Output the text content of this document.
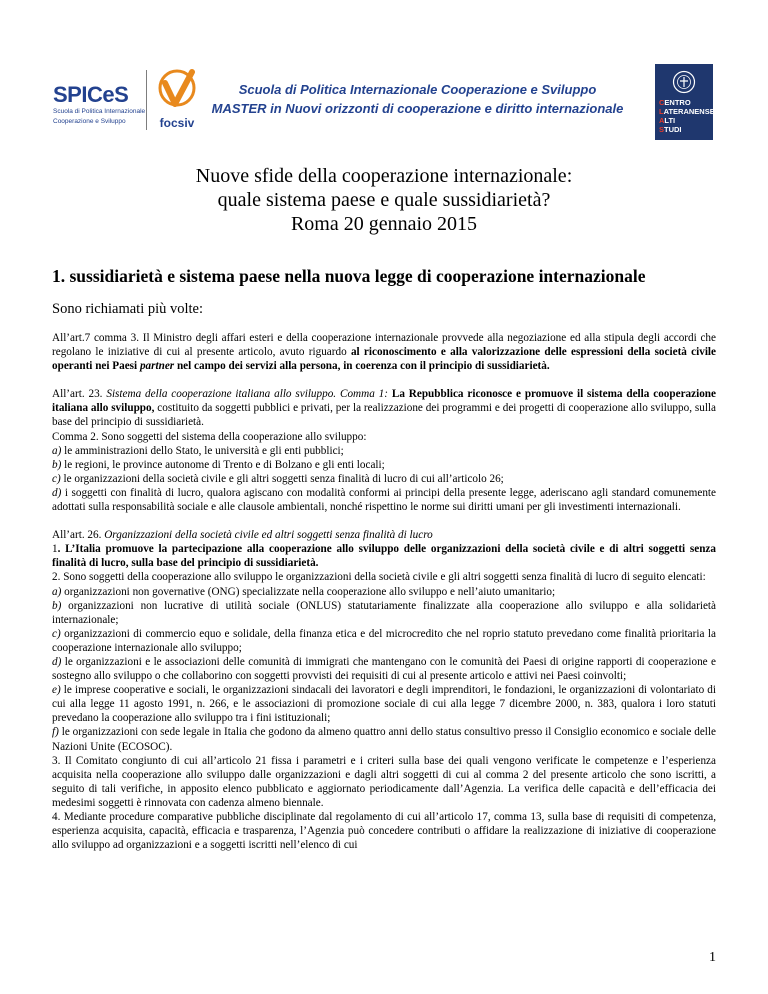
SPICeS
Scuola di Politica Internazionale
Cooperazione e Sviluppo	focsiv
Scuola di Politica Internazionale Cooperazione e Sviluppo
MASTER in Nuovi orizzonti di cooperazione e diritto internazionale	CENTRO
LATERANENSE
ALTI
STUDI
Nuove sfide della cooperazione internazionale:
quale sistema paese e quale sussidiarietà?
Roma 20 gennaio 2015
1. sussidiarietà e sistema paese nella nuova legge di cooperazione internazionale
Sono richiamati più volte:

All’art.7 comma 3. Il Ministro degli affari esteri e della cooperazione internazionale provvede alla negoziazione ed alla stipula degli accordi che regolano le iniziative di cui al presente articolo, avuto riguardo al riconoscimento e alla valorizzazione delle espressioni della società civile operanti nei Paesi partner nel campo dei servizi alla persona, in coerenza con il principio di sussidiarietà.

All’art. 23. Sistema della cooperazione italiana allo sviluppo. Comma 1: La Repubblica riconosce e promuove il sistema della cooperazione italiana allo sviluppo, costituito da soggetti pubblici e privati, per la realizzazione dei programmi e dei progetti di cooperazione allo sviluppo, sulla base del principio di sussidiarietà.

Comma 2. Sono soggetti del sistema della cooperazione allo sviluppo:

a) le amministrazioni dello Stato, le università e gli enti pubblici;

b) le regioni, le province autonome di Trento e di Bolzano e gli enti locali;

c) le organizzazioni della società civile e gli altri soggetti senza finalità di lucro di cui all’articolo 26;

d) i soggetti con finalità di lucro, qualora agiscano con modalità conformi ai principi della presente legge, aderiscano agli standard comunemente adottati sulla responsabilità sociale e alle clausole ambientali, nonché rispettino le norme sui diritti umani per gli investimenti internazionali.

All’art. 26. Organizzazioni della società civile ed altri soggetti senza finalità di lucro

1. L’Italia promuove la partecipazione alla cooperazione allo sviluppo delle organizzazioni della società civile e di altri soggetti senza finalità di lucro, sulla base del principio di sussidiarietà.

2. Sono soggetti della cooperazione allo sviluppo le organizzazioni della società civile e gli altri soggetti senza finalità di lucro di seguito elencati:

a) organizzazioni non governative (ONG) specializzate nella cooperazione allo sviluppo e nell’aiuto umanitario;

b) organizzazioni non lucrative di utilità sociale (ONLUS) statutariamente finalizzate alla cooperazione allo sviluppo e alla solidarietà internazionale;

c) organizzazioni di commercio equo e solidale, della finanza etica e del microcredito che nel roprio statuto prevedano come finalità prioritaria la cooperazione internazionale allo sviluppo;

d) le organizzazioni e le associazioni delle comunità di immigrati che mantengano con le comunità dei Paesi di origine rapporti di cooperazione e sostegno allo sviluppo o che collaborino con soggetti provvisti dei requisiti di cui al presente articolo e attivi nei Paesi coinvolti;

e) le imprese cooperative e sociali, le organizzazioni sindacali dei lavoratori e degli imprenditori, le fondazioni, le organizzazioni di volontariato di cui alla legge 11 agosto 1991, n. 266, e le associazioni di promozione sociale di cui alla legge 7 dicembre 2000, n. 383, qualora i loro statuti prevedano la cooperazione allo sviluppo tra i fini istituzionali;

f) le organizzazioni con sede legale in Italia che godono da almeno quattro anni dello status consultivo presso il Consiglio economico e sociale delle Nazioni Unite (ECOSOC).

3. Il Comitato congiunto di cui all’articolo 21 fissa i parametri e i criteri sulla base dei quali vengono verificate le competenze e l’esperienza acquisita nella cooperazione allo sviluppo dalle organizzazioni e dagli altri soggetti di cui al comma 2 del presente articolo che sono iscritti, a seguito di tali verifiche, in apposito elenco pubblicato e aggiornato periodicamente dall’Agenzia. La verifica delle capacità e dell’efficacia dei medesimi soggetti è rinnovata con cadenza almeno biennale.

4. Mediante procedure comparative pubbliche disciplinate dal regolamento di cui all’articolo 17, comma 13, sulla base di requisiti di competenza, esperienza acquisita, capacità, efficacia e trasparenza, l’Agenzia può concedere contributi o affidare la realizzazione di iniziative di cooperazione allo sviluppo ad organizzazioni e a soggetti iscritti nell’elenco di cui

1
